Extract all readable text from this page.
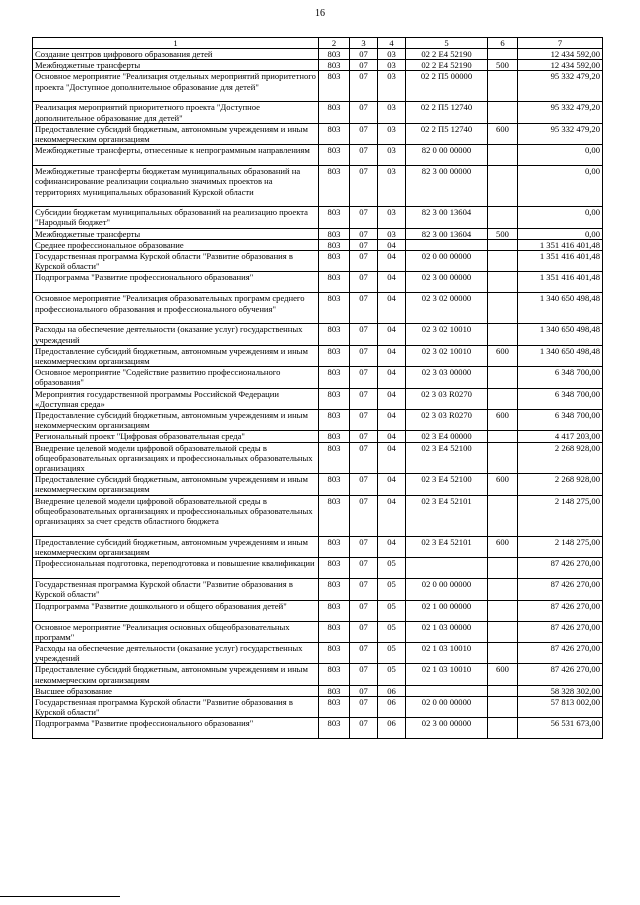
16
1	2	3	4	5	6	7
Создание центров цифрового образования детей	803	07	03	02 2 Е4 52190		12 434 592,00
Межбюджетные трансферты	803	07	03	02 2 Е4 52190	500	12 434 592,00
Основное мероприятие "Реализация отдельных мероприятий приоритетного проекта "Доступное дополнительное образование для детей"	803	07	03	02 2 П5 00000		95 332 479,20
Реализация мероприятий приоритетного проекта "Доступное дополнительное образование для детей"	803	07	03	02 2 П5 12740		95 332 479,20
Предоставление субсидий бюджетным, автономным учреждениям и иным некоммерческим организациям	803	07	03	02 2 П5 12740	600	95 332 479,20
Межбюджетные трансферты, отнесенные к непрограммным направлениям	803	07	03	82 0 00 00000		0,00
Межбюджетные трансферты бюджетам муниципальных образований на софинансирование реализации социально значимых проектов на территориях муниципальных образований Курской области	803	07	03	82 3 00 00000		0,00
Субсидии бюджетам муниципальных образований на реализацию проекта "Народный бюджет"	803	07	03	82 3 00 13604		0,00
Межбюджетные трансферты	803	07	03	82 3 00 13604	500	0,00
Среднее профессиональное образование	803	07	04			1 351 416 401,48
Государственная программа Курской области "Развитие образования в Курской области"	803	07	04	02 0 00 00000		1 351 416 401,48
Подпрограмма "Развитие профессионального образования"	803	07	04	02 3 00 00000		1 351 416 401,48
Основное мероприятие "Реализация образовательных программ среднего профессионального образования и профессионального обучения"	803	07	04	02 3 02 00000		1 340 650 498,48
Расходы на обеспечение деятельности (оказание услуг) государственных учреждений	803	07	04	02 3 02 10010		1 340 650 498,48
Предоставление субсидий бюджетным, автономным учреждениям и иным некоммерческим организациям	803	07	04	02 3 02 10010	600	1 340 650 498,48
Основное мероприятие "Содействие развитию профессионального образования"	803	07	04	02 3 03 00000		6 348 700,00
Мероприятия государственной программы Российской Федерации «Доступная среда»	803	07	04	02 3 03 R0270		6 348 700,00
Предоставление субсидий бюджетным, автономным учреждениям и иным некоммерческим организациям	803	07	04	02 3 03 R0270	600	6 348 700,00
Региональный проект "Цифровая образовательная среда"	803	07	04	02 3 Е4 00000		4 417 203,00
Внедрение целевой модели цифровой образовательной среды в общеобразовательных организациях и профессиональных образовательных организациях	803	07	04	02 3 Е4 52100		2 268 928,00
Предоставление субсидий бюджетным, автономным учреждениям и иным некоммерческим организациям	803	07	04	02 3 Е4 52100	600	2 268 928,00
Внедрение целевой модели цифровой образовательной среды в общеобразовательных организациях и профессиональных образовательных организациях за счет средств областного бюджета	803	07	04	02 3 Е4 52101		2 148 275,00
Предоставление субсидий бюджетным, автономным учреждениям и иным некоммерческим организациям	803	07	04	02 3 Е4 52101	600	2 148 275,00
Профессиональная подготовка, переподготовка и повышение квалификации	803	07	05			87 426 270,00
Государственная программа Курской области "Развитие образования в Курской области"	803	07	05	02 0 00 00000		87 426 270,00
Подпрограмма "Развитие дошкольного и общего образования детей"	803	07	05	02 1 00 00000		87 426 270,00
Основное мероприятие "Реализация основных общеобразовательных программ"	803	07	05	02 1 03 00000		87 426 270,00
Расходы на обеспечение деятельности (оказание услуг) государственных учреждений	803	07	05	02 1 03 10010		87 426 270,00
Предоставление субсидий бюджетным, автономным учреждениям и иным некоммерческим организациям	803	07	05	02 1 03 10010	600	87 426 270,00
Высшее образование	803	07	06			58 328 302,00
Государственная программа Курской области "Развитие образования в Курской области"	803	07	06	02 0 00 00000		57 813 002,00
Подпрограмма "Развитие профессионального образования"	803	07	06	02 3 00 00000		56 531 673,00
